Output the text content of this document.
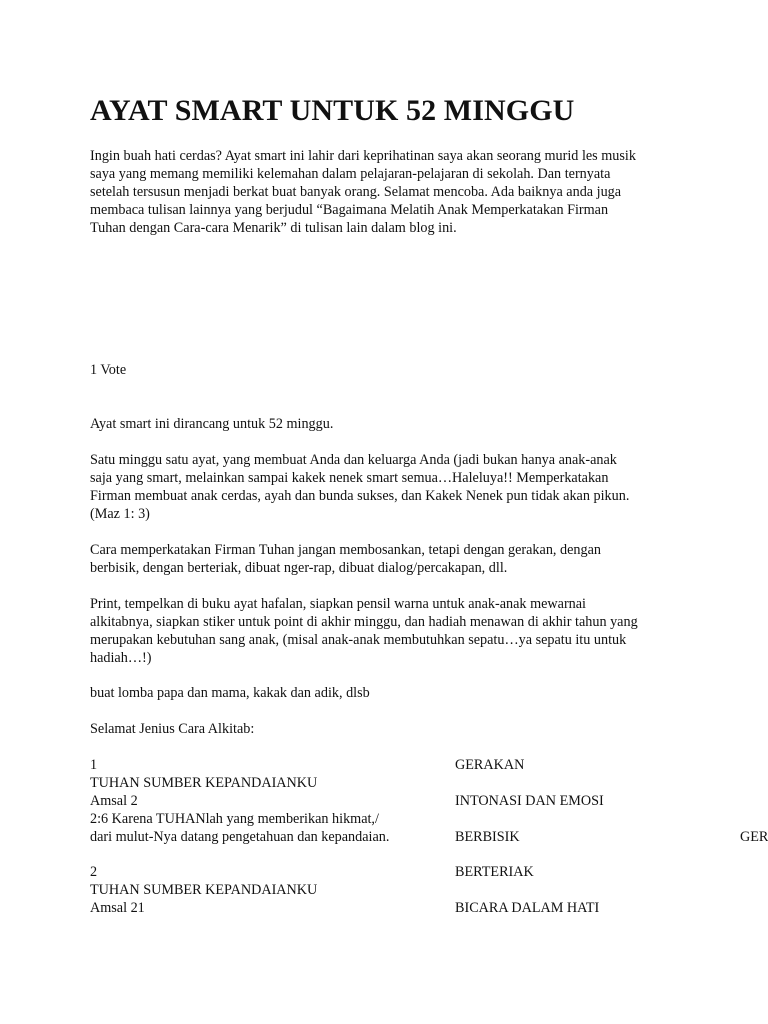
AYAT SMART UNTUK 52 MINGGU
Ingin buah hati cerdas? Ayat smart ini lahir dari keprihatinan saya akan seorang murid les musik
saya yang memang memiliki kelemahan dalam pelajaran-pelajaran di sekolah. Dan ternyata
setelah tersusun menjadi berkat buat banyak orang. Selamat mencoba. Ada baiknya anda juga
membaca tulisan lainnya yang berjudul “Bagaimana Melatih Anak Memperkatakan Firman
Tuhan dengan Cara-cara Menarik” di tulisan lain dalam blog ini.
1 Vote
Ayat smart ini dirancang untuk 52 minggu.
Satu minggu satu ayat, yang membuat Anda dan keluarga Anda (jadi bukan hanya anak-anak
saja yang smart, melainkan sampai kakek nenek smart semua…Haleluya!! Memperkatakan
Firman membuat anak cerdas, ayah dan bunda sukses, dan Kakek Nenek pun tidak akan pikun.
(Maz 1: 3)
Cara memperkatakan Firman Tuhan jangan membosankan, tetapi dengan gerakan, dengan
berbisik, dengan berteriak, dibuat nger-rap, dibuat dialog/percakapan, dll.
Print, tempelkan di buku ayat hafalan, siapkan pensil warna untuk anak-anak mewarnai
alkitabnya, siapkan stiker untuk point di akhir minggu, dan hadiah menawan di akhir tahun yang
merupakan kebutuhan sang anak, (misal anak-anak membutuhkan sepatu…ya sepatu itu untuk
hadiah…!)
buat lomba papa dan mama, kakak dan adik, dlsb
Selamat Jenius Cara Alkitab:
1
TUHAN SUMBER KEPANDAIANKU
Amsal 2
2:6 Karena TUHANlah yang memberikan hikmat,/
dari mulut-Nya datang pengetahuan dan kepandaian.
2
TUHAN SUMBER KEPANDAIANKU
Amsal 21
GERAKAN
INTONASI DAN EMOSI
BERBISIK
BERTERIAK
BICARA DALAM HATI
GER
